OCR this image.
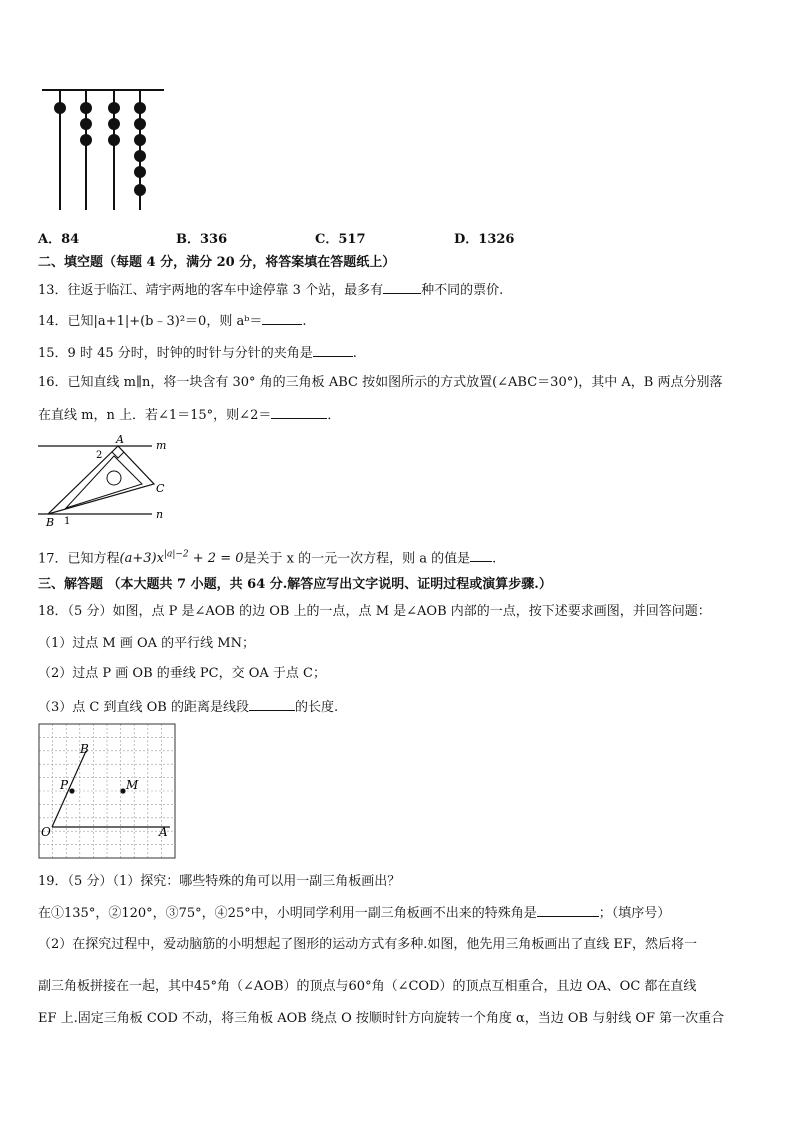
A．84	B．336	C．517	D．1326
二、填空题（每题 4 分，满分 20 分，将答案填在答题纸上）
13．往返于临江、靖宇两地的客车中途停靠 3 个站，最多有	种不同的票价.
14．已知|a+1|+(b﹣3)²＝0，则 aᵇ＝	.
15．9 时 45 分时，时钟的时针与分针的夹角是	.
16．已知直线 m∥n，将一块含有 30° 角的三角板 ABC 按如图所示的方式放置(∠ABC＝30°)，其中 A，B 两点分别落
在直线 m，n 上．若∠1＝15°，则∠2＝	．
A	m
n
C
B 1
2
17．已知方程$(a+3)x^{|a|-2} + 2 = 0$是关于 x 的一元一次方程，则 a 的值是 .
三、解答题 （本大题共 7 小题，共 64 分.解答应写出文字说明、证明过程或演算步骤.）
18．（5 分）如图，点 P 是∠AOB 的边 OB 上的一点，点 M 是∠AOB 内部的一点，按下述要求画图，并回答问题：
（1）过点 M 画 OA 的平行线 MN；
（2）过点 P 画 OB 的垂线 PC，交 OA 于点 C；
（3）点 C 到直线 OB 的距离是线段	的长度.
B
P	M
O	A
19．（5 分）（1）探究：哪些特殊的角可以用一副三角板画出？
在①135°，②120°，③75°，④25°中，小明同学利用一副三角板画不出来的特殊角是	；（填序号）
（2）在探究过程中，爱动脑筋的小明想起了图形的运动方式有多种.如图，他先用三角板画出了直线 EF，然后将一
副三角板拼接在一起，其中45°角（∠AOB）的顶点与60°角（∠COD）的顶点互相重合，且边 OA、OC 都在直线
EF 上.固定三角板 COD 不动，将三角板 AOB 绕点 O 按顺时针方向旋转一个角度 α，当边 OB 与射线 OF 第一次重合
